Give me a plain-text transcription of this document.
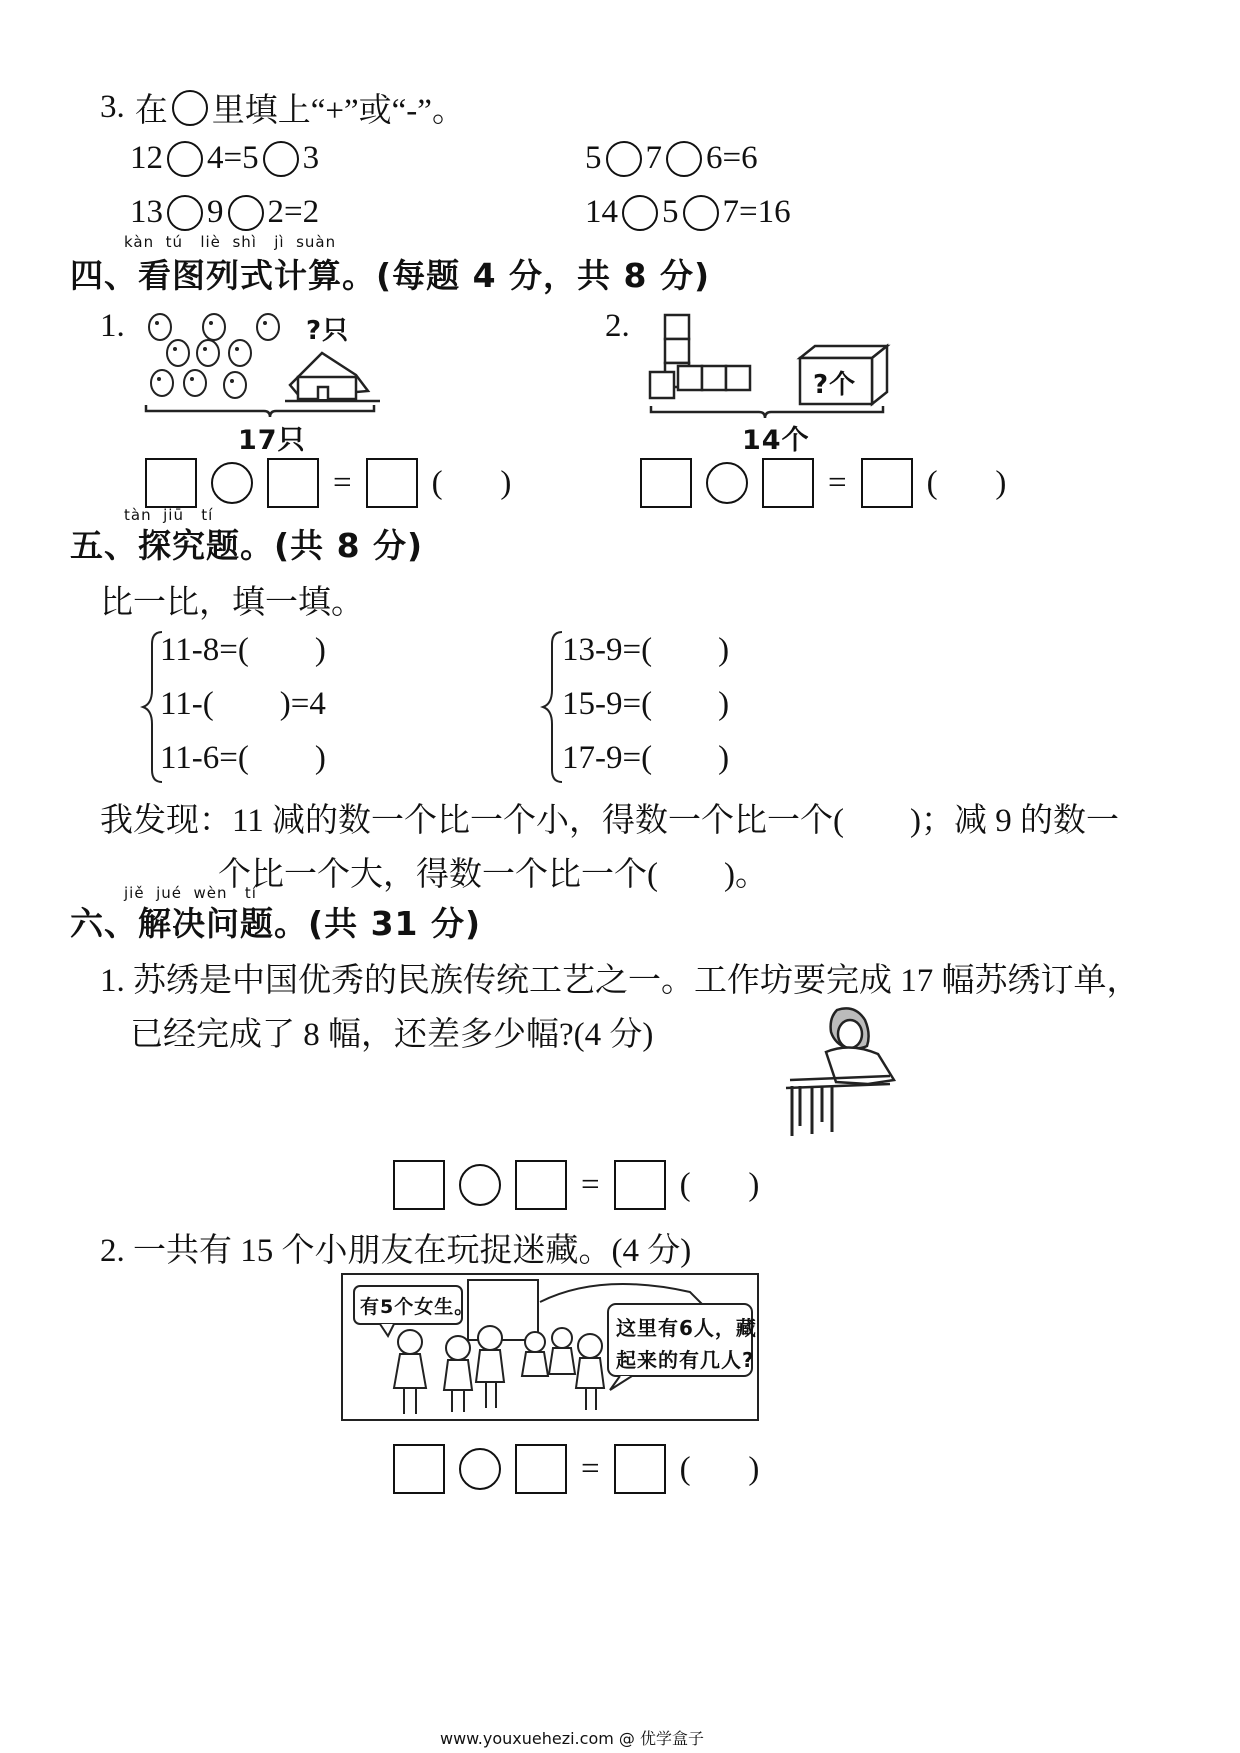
3. 在 里填上“+”或“-”。
12 4=5 3	5 7 6=6
13 9 2=2	14 5 7=16
kàn  tú   liè  shì   jì  suàn
四、看图列式计算。(每题 4 分，共 8 分)
1.	?只
17只
= (       )
2.
?个
14个
= (       )
tàn  jiū   tí
五、探究题。(共 8 分)
比一比，填一填。
11-8=(        )
11-(        )=4
11-6=(        )
13-9=(        )
15-9=(        )
17-9=(        )
我发现：11 减的数一个比一个小，得数一个比一个(        )；减 9 的数一
个比一个大，得数一个比一个(        )。
jiě  jué  wèn   tí
六、解决问题。(共 31 分)
1. 苏绣是中国优秀的民族传统工艺之一。工作坊要完成 17 幅苏绣订单，
已经完成了 8 幅，还差多少幅?(4 分)
= (       )
2. 一共有 15 个小朋友在玩捉迷藏。(4 分)
有5个女生。
这里有6人，藏
起来的有几人?
= (       )
www.youxuehezi.com @ 优学盒子
